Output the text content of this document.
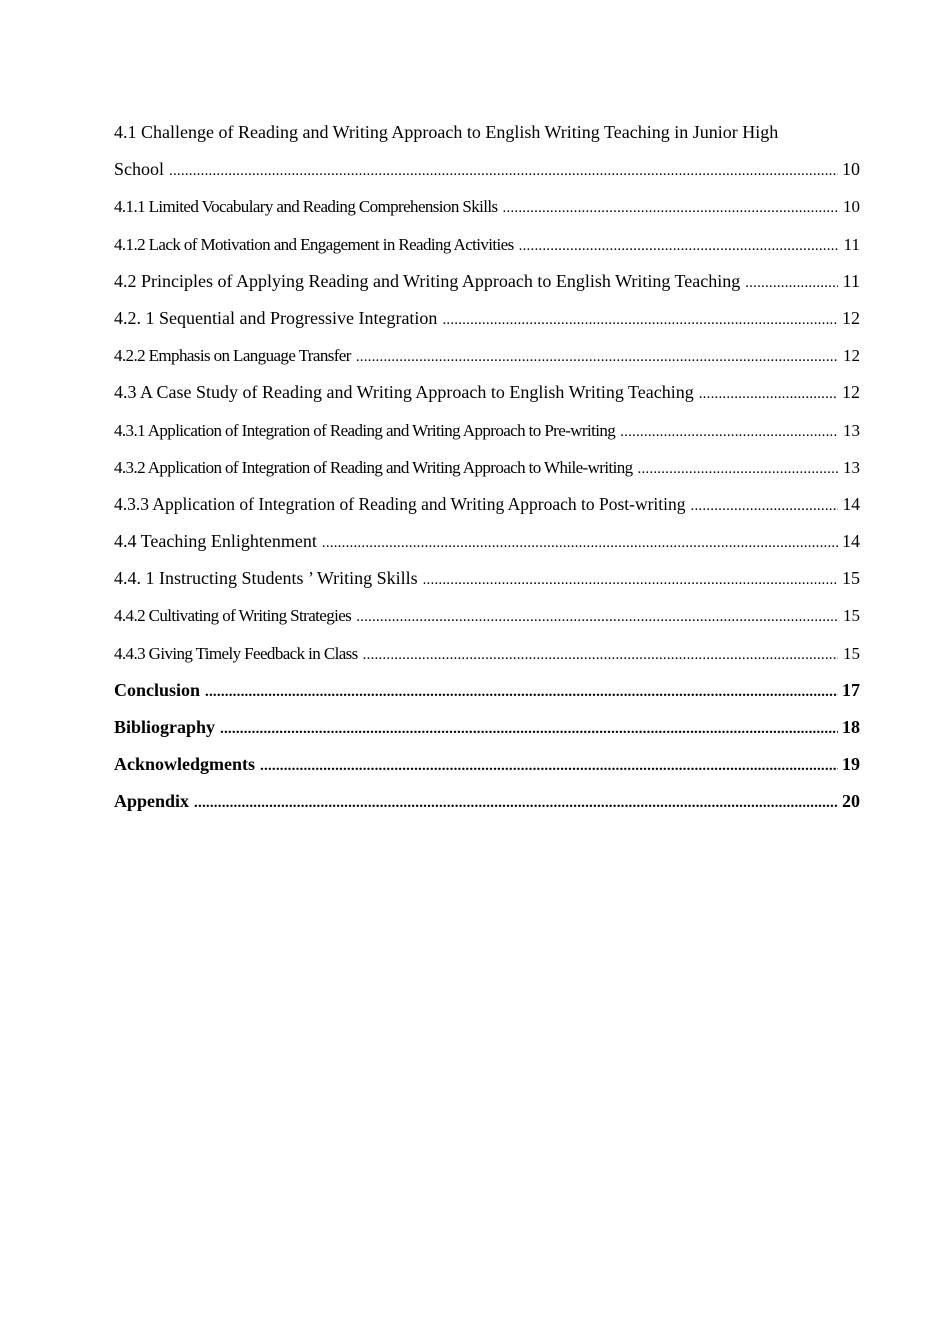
4.1 Challenge of Reading and Writing Approach to English Writing Teaching in Junior High
School .....	10
4.1.1 Limited Vocabulary and Reading Comprehension Skills .....	10
4.1.2 Lack of Motivation and Engagement in Reading Activities .....	11
4.2 Principles of Applying Reading and Writing Approach to English Writing Teaching .....	11
4.2. 1 Sequential and Progressive Integration .....	12
4.2.2 Emphasis on Language Transfer .....	12
4.3 A Case Study of Reading and Writing Approach to English Writing Teaching .....	12
4.3.1 Application of Integration of Reading and Writing Approach to Pre-writing .....	13
4.3.2 Application of Integration of Reading and Writing Approach to While-writing .....	13
4.3.3 Application of Integration of Reading and Writing Approach to Post-writing .....	14
4.4 Teaching Enlightenment .....	14
4.4. 1 Instructing Students ’ Writing Skills .....	15
4.4.2 Cultivating of Writing Strategies .....	15
4.4.3 Giving Timely Feedback in Class .....	15
Conclusion .....	17
Bibliography .....	18
Acknowledgments .....	19
Appendix .....	20
